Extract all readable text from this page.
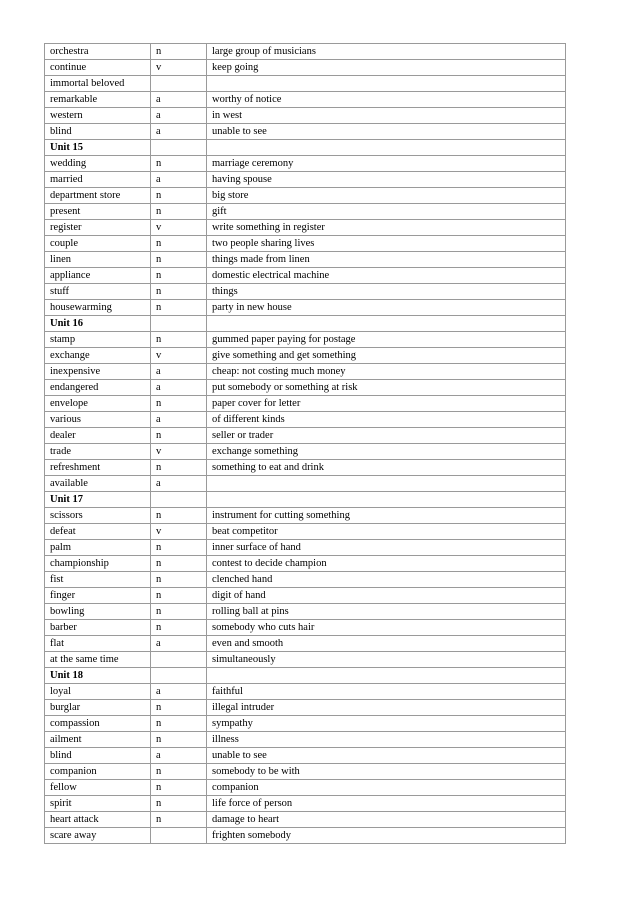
orchestra	n	large group of musicians
continue	v	keep going
immortal beloved		
remarkable	a	worthy of notice
western	a	in west
blind	a	unable to see
Unit 15		
wedding	n	marriage ceremony
married	a	having spouse
department store	n	big store
present	n	gift
register	v	write something in register
couple	n	two people sharing lives
linen	n	things made from linen
appliance	n	domestic electrical machine
stuff	n	things
housewarming	n	party in new house
Unit 16		
stamp	n	gummed paper paying for postage
exchange	v	give something and get something
inexpensive	a	cheap: not costing much money
endangered	a	put somebody or something at risk
envelope	n	paper cover for letter
various	a	of different kinds
dealer	n	seller or trader
trade	v	exchange something
refreshment	n	something to eat and drink
available	a	
Unit 17		
scissors	n	instrument for cutting something
defeat	v	beat competitor
palm	n	inner surface of hand
championship	n	contest to decide champion
fist	n	clenched hand
finger	n	digit of hand
bowling	n	rolling ball at pins
barber	n	somebody who cuts hair
flat	a	even and smooth
at the same time		simultaneously
Unit 18		
loyal	a	faithful
burglar	n	illegal intruder
compassion	n	sympathy
ailment	n	illness
blind	a	unable to see
companion	n	somebody to be with
fellow	n	companion
spirit	n	life force of person
heart attack	n	damage to heart
scare away		frighten somebody
